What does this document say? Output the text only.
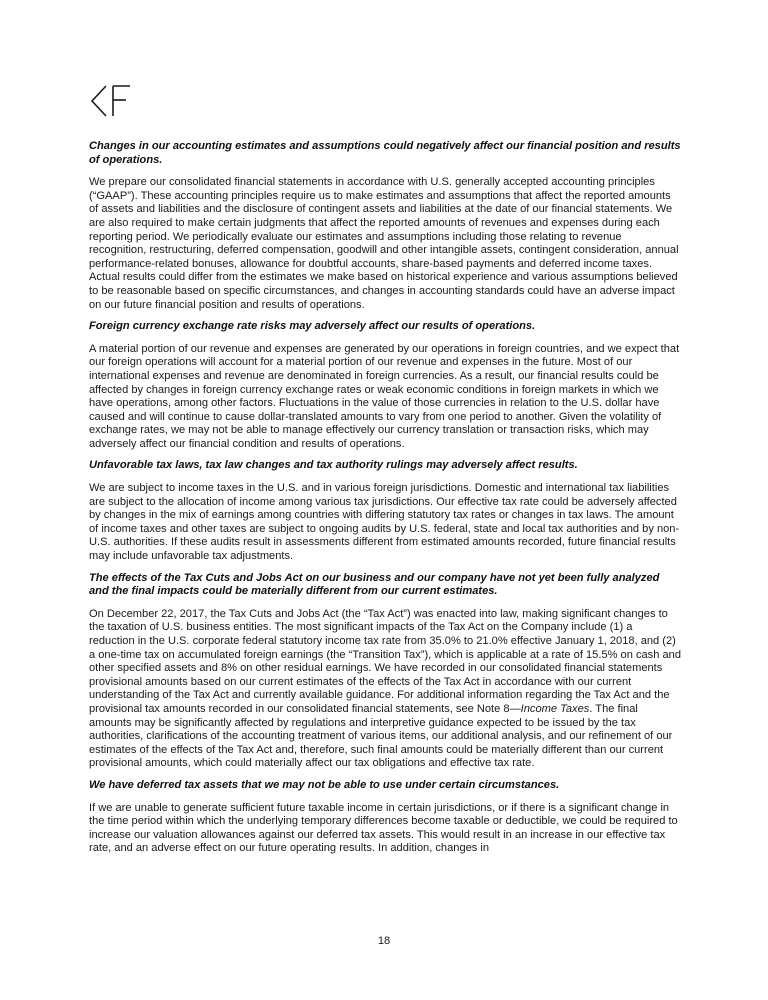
Changes in our accounting estimates and assumptions could negatively affect our financial position and results of operations.

We prepare our consolidated financial statements in accordance with U.S. generally accepted accounting principles (“GAAP”). These accounting principles require us to make estimates and assumptions that affect the reported amounts of assets and liabilities and the disclosure of contingent assets and liabilities at the date of our financial statements. We are also required to make certain judgments that affect the reported amounts of revenues and expenses during each reporting period. We periodically evaluate our estimates and assumptions including those relating to revenue recognition, restructuring, deferred compensation, goodwill and other intangible assets, contingent consideration, annual performance-related bonuses, allowance for doubtful accounts, share-based payments and deferred income taxes. Actual results could differ from the estimates we make based on historical experience and various assumptions believed to be reasonable based on specific circumstances, and changes in accounting standards could have an adverse impact on our future financial position and results of operations.

Foreign currency exchange rate risks may adversely affect our results of operations.

A material portion of our revenue and expenses are generated by our operations in foreign countries, and we expect that our foreign operations will account for a material portion of our revenue and expenses in the future. Most of our international expenses and revenue are denominated in foreign currencies. As a result, our financial results could be affected by changes in foreign currency exchange rates or weak economic conditions in foreign markets in which we have operations, among other factors. Fluctuations in the value of those currencies in relation to the U.S. dollar have caused and will continue to cause dollar-translated amounts to vary from one period to another. Given the volatility of exchange rates, we may not be able to manage effectively our currency translation or transaction risks, which may adversely affect our financial condition and results of operations.

Unfavorable tax laws, tax law changes and tax authority rulings may adversely affect results.

We are subject to income taxes in the U.S. and in various foreign jurisdictions. Domestic and international tax liabilities are subject to the allocation of income among various tax jurisdictions. Our effective tax rate could be adversely affected by changes in the mix of earnings among countries with differing statutory tax rates or changes in tax laws. The amount of income taxes and other taxes are subject to ongoing audits by U.S. federal, state and local tax authorities and by non-U.S. authorities. If these audits result in assessments different from estimated amounts recorded, future financial results may include unfavorable tax adjustments.

The effects of the Tax Cuts and Jobs Act on our business and our company have not yet been fully analyzed and the final impacts could be materially different from our current estimates.

On December 22, 2017, the Tax Cuts and Jobs Act (the “Tax Act”) was enacted into law, making significant changes to the taxation of U.S. business entities. The most significant impacts of the Tax Act on the Company include (1) a reduction in the U.S. corporate federal statutory income tax rate from 35.0% to 21.0% effective January 1, 2018, and (2) a one-time tax on accumulated foreign earnings (the “Transition Tax”), which is applicable at a rate of 15.5% on cash and other specified assets and 8% on other residual earnings. We have recorded in our consolidated financial statements provisional amounts based on our current estimates of the effects of the Tax Act in accordance with our current understanding of the Tax Act and currently available guidance. For additional information regarding the Tax Act and the provisional tax amounts recorded in our consolidated financial statements, see Note 8—Income Taxes. The final amounts may be significantly affected by regulations and interpretive guidance expected to be issued by the tax authorities, clarifications of the accounting treatment of various items, our additional analysis, and our refinement of our estimates of the effects of the Tax Act and, therefore, such final amounts could be materially different than our current provisional amounts, which could materially affect our tax obligations and effective tax rate.

We have deferred tax assets that we may not be able to use under certain circumstances.

If we are unable to generate sufficient future taxable income in certain jurisdictions, or if there is a significant change in the time period within which the underlying temporary differences become taxable or deductible, we could be required to increase our valuation allowances against our deferred tax assets. This would result in an increase in our effective tax rate, and an adverse effect on our future operating results. In addition, changes in

18
